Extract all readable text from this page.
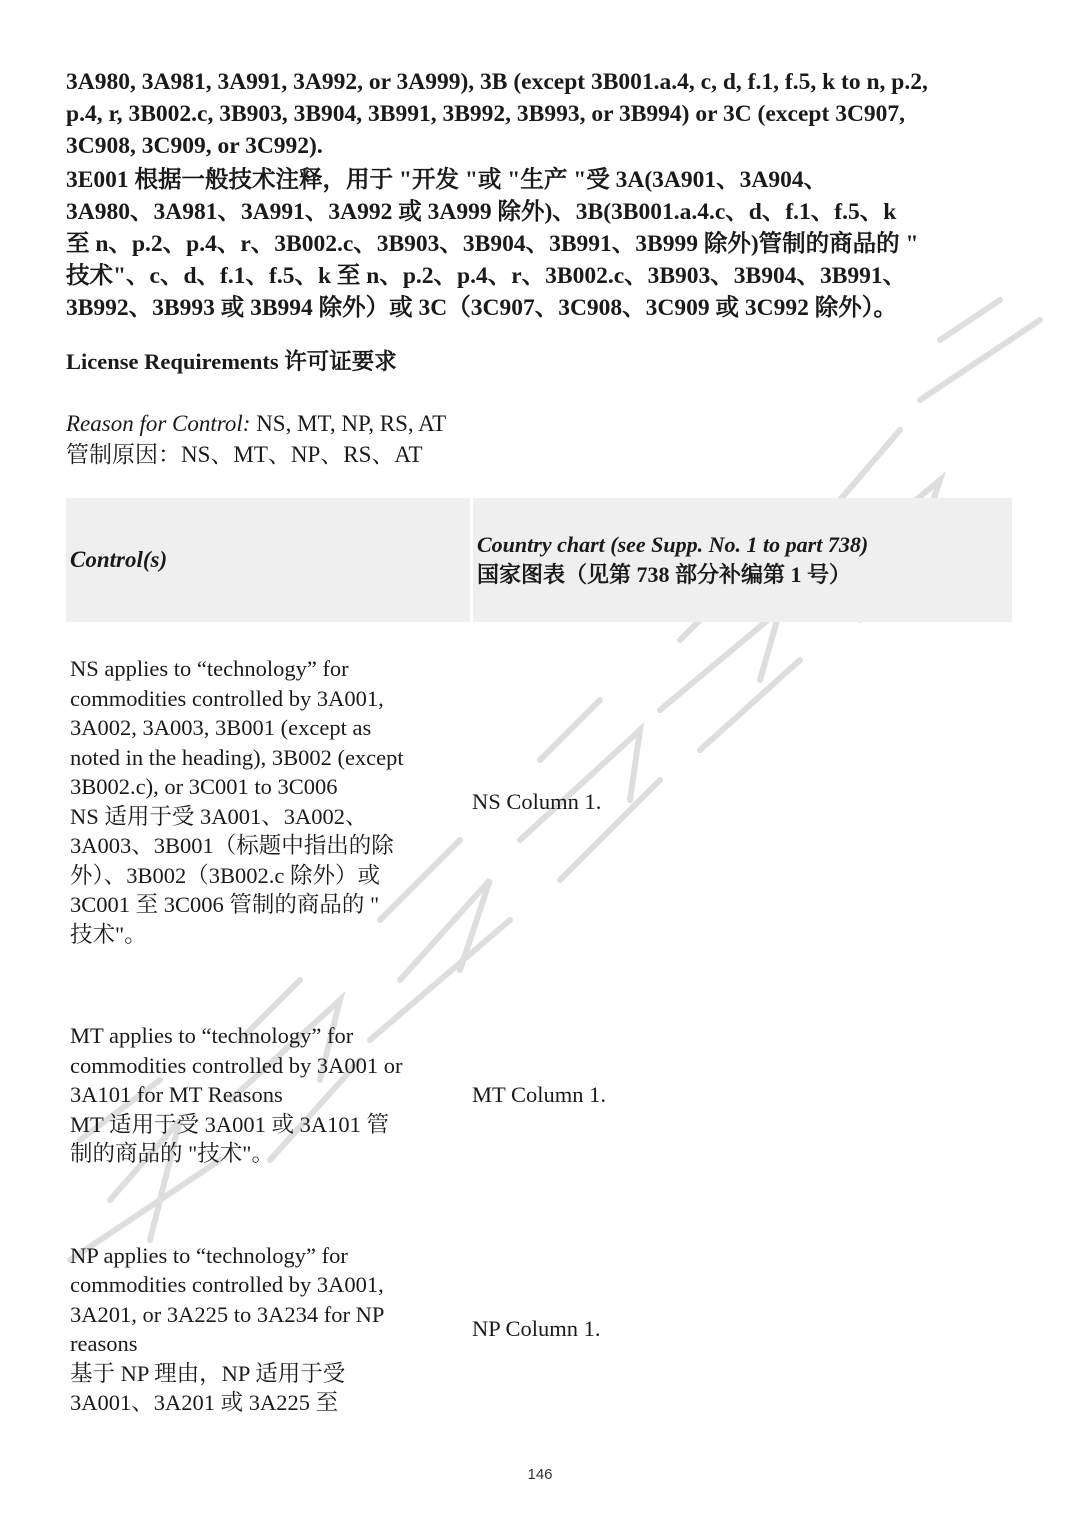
3A980, 3A981, 3A991, 3A992, or 3A999), 3B (except 3B001.a.4, c, d, f.1, f.5, k to n, p.2,
p.4, r, 3B002.c, 3B903, 3B904, 3B991, 3B992, 3B993, or 3B994) or 3C (except 3C907,
3C908, 3C909, or 3C992).
3E001 根据一般技术注释，用于 "开发 "或 "生产 "受 3A(3A901、3A904、
3A980、3A981、3A991、3A992 或 3A999 除外)、3B(3B001.a.4.c、d、f.1、f.5、k
至 n、p.2、p.4、r、3B002.c、3B903、3B904、3B991、3B999 除外)管制的商品的 "
技术"、c、d、f.1、f.5、k 至 n、p.2、p.4、r、3B002.c、3B903、3B904、3B991、
3B992、3B993 或 3B994 除外）或 3C（3C907、3C908、3C909 或 3C992 除外）。
License Requirements 许可证要求
Reason for Control: NS, MT, NP, RS, AT
管制原因：NS、MT、NP、RS、AT
Control(s)
Country chart (see Supp. No. 1 to part 738)
国家图表（见第 738 部分补编第 1 号）
NS applies to “technology” for
commodities controlled by 3A001,
3A002, 3A003, 3B001 (except as
noted in the heading), 3B002 (except
3B002.c), or 3C001 to 3C006
NS 适用于受 3A001、3A002、
3A003、3B001（标题中指出的除
外）、3B002（3B002.c 除外）或
3C001 至 3C006 管制的商品的 "
技术"。
NS Column 1.
MT applies to “technology” for
commodities controlled by 3A001 or
3A101 for MT Reasons
MT 适用于受 3A001 或 3A101 管
制的商品的 "技术"。
MT Column 1.
NP applies to “technology” for
commodities controlled by 3A001,
3A201, or 3A225 to 3A234 for NP
reasons
基于 NP 理由，NP 适用于受
3A001、3A201 或 3A225 至
NP Column 1.
146
